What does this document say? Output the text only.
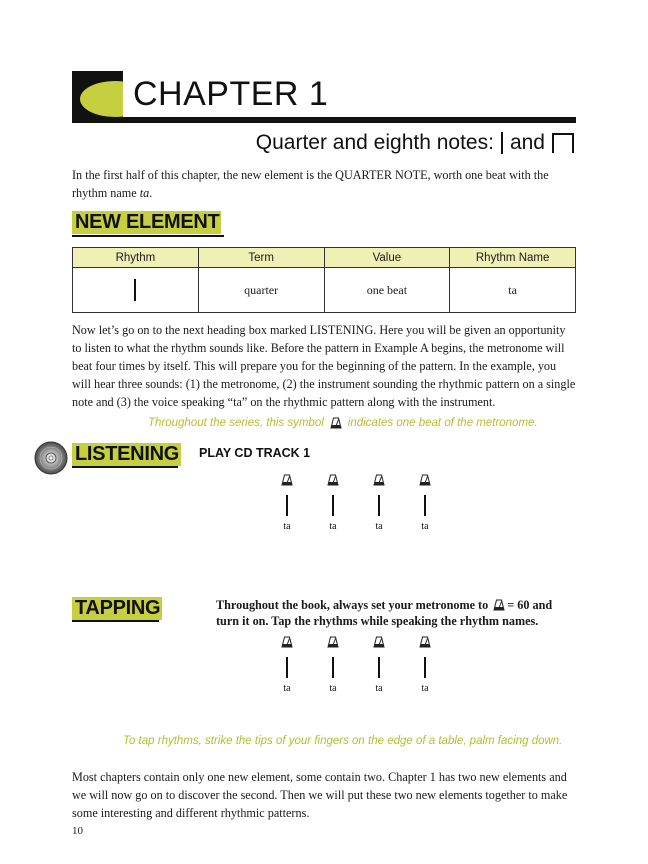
CHAPTER 1
Quarter and eighth notes: and
In the first half of this chapter, the new element is the QUARTER NOTE, worth one beat with the rhythm name ta.
NEW ELEMENT
Rhythm	Term	Value	Rhythm Name
	quarter	one beat	ta
Now let’s go on to the next heading box marked LISTENING. Here you will be given an opportunity to listen to what the rhythm sounds like. Before the pattern in Example A begins, the metronome will beat four times by itself. This will prepare you for the beginning of the pattern. In the example, you will hear three sounds: (1) the metronome, (2) the instrument sounding the rhythmic pattern on a single note and (3) the voice speaking “ta” on the rhythmic pattern along with the instrument.
Throughout the series, this symbol indicates one beat of the metronome.
LISTENING PLAY CD TRACK 1
ta	ta	ta	ta
TAPPING	Throughout the book, always set your metronome to = 60 and turn it on. Tap the rhythms while speaking the rhythm names.
ta	ta	ta	ta
To tap rhythms, strike the tips of your fingers on the edge of a table, palm facing down.
Most chapters contain only one new element, some contain two. Chapter 1 has two new elements and we will now go on to discover the second. Then we will put these two new elements together to make some interesting and different rhythmic patterns.
10
